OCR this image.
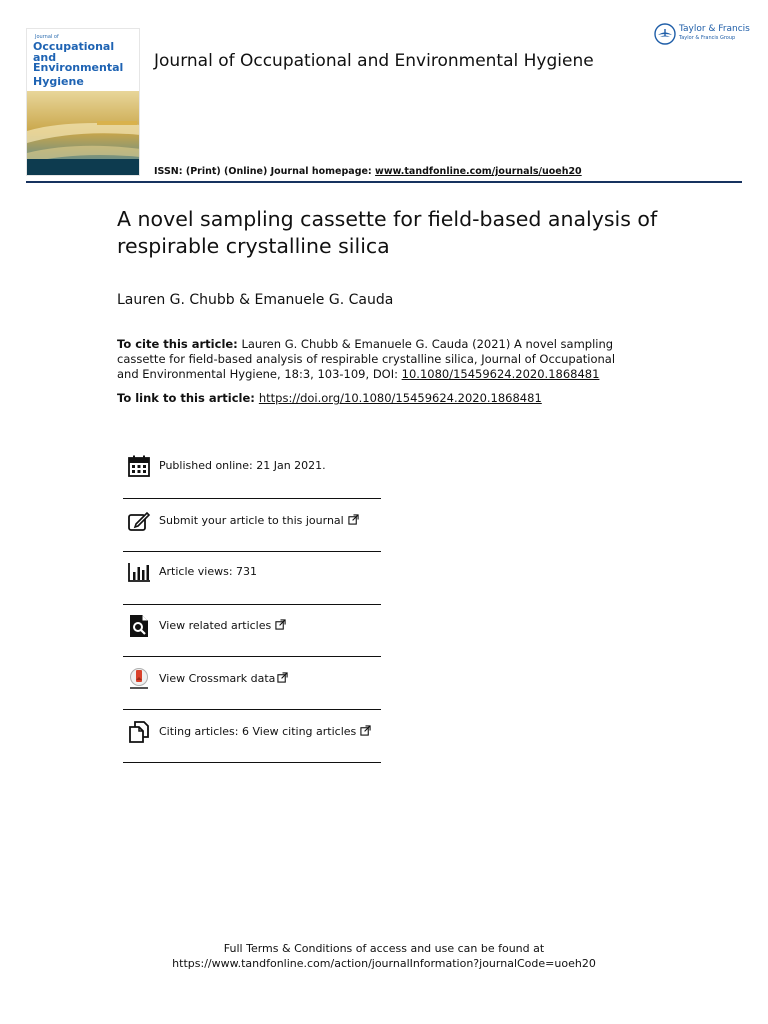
Journal of
Occupational and Environmental
Hygiene
Journal of Occupational and Environmental Hygiene
ISSN: (Print) (Online) Journal homepage: www.tandfonline.com/journals/uoeh20
Taylor & Francis
Taylor & Francis Group
A novel sampling cassette for field-based analysis of respirable crystalline silica
Lauren G. Chubb & Emanuele G. Cauda
To cite this article: Lauren G. Chubb & Emanuele G. Cauda (2021) A novel sampling cassette for field-based analysis of respirable crystalline silica, Journal of Occupational and Environmental Hygiene, 18:3, 103-109, DOI: 10.1080/15459624.2020.1868481
To link to this article: https://doi.org/10.1080/15459624.2020.1868481
Published online: 21 Jan 2021.
Submit your article to this journal
Article views: 731
View related articles
View Crossmark data
Citing articles: 6 View citing articles
Full Terms & Conditions of access and use can be found at
https://www.tandfonline.com/action/journalInformation?journalCode=uoeh20
